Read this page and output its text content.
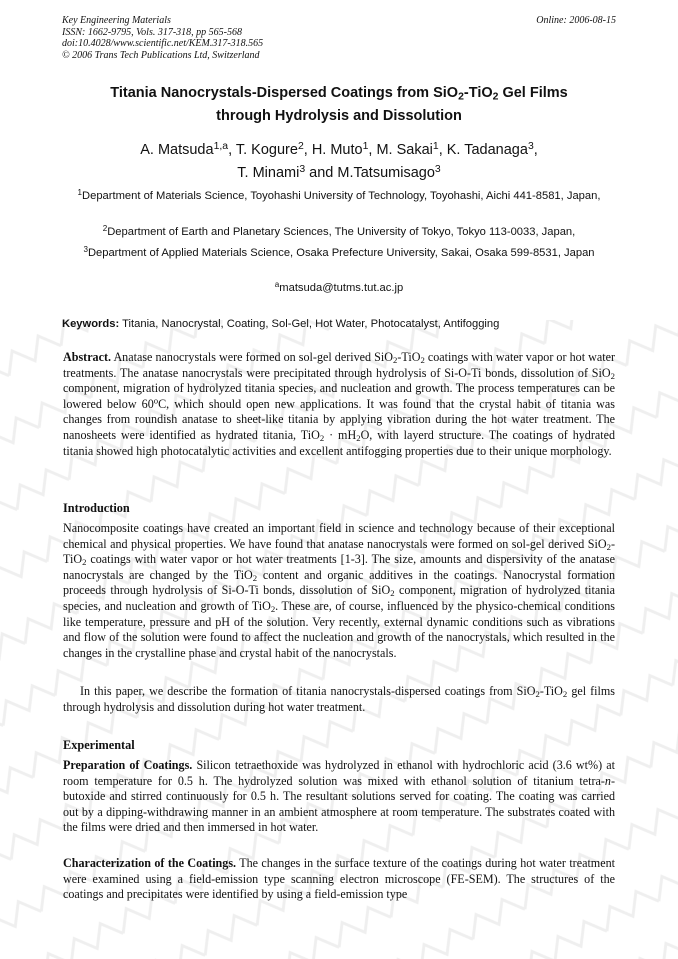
Key Engineering Materials
ISSN: 1662-9795, Vols. 317-318, pp 565-568
doi:10.4028/www.scientific.net/KEM.317-318.565
© 2006 Trans Tech Publications Ltd, Switzerland
Online: 2006-08-15
Titania Nanocrystals-Dispersed Coatings from SiO$_2$-TiO$_2$ Gel Films
through Hydrolysis and Dissolution
A. Matsuda$^{1,a}$, T. Kogure$^2$, H. Muto$^1$, M. Sakai$^1$, K. Tadanaga$^3$,
T. Minami$^3$ and M.Tatsumisago$^3$
$^1$Department of Materials Science, Toyohashi University of Technology, Toyohashi, Aichi 441-8581, Japan,
$^2$Department of Earth and Planetary Sciences, The University of Tokyo, Tokyo 113-0033, Japan,
$^3$Department of Applied Materials Science, Osaka Prefecture University, Sakai, Osaka 599-8531, Japan
$^a$matsuda@tutms.tut.ac.jp
Keywords: Titania, Nanocrystal, Coating, Sol-Gel, Hot Water, Photocatalyst, Antifogging
Abstract. Anatase nanocrystals were formed on sol-gel derived SiO$_2$-TiO$_2$ coatings with water vapor or hot water treatments. The anatase nanocrystals were precipitated through hydrolysis of Si-O-Ti bonds, dissolution of SiO$_2$ component, migration of hydrolyzed titania species, and nucleation and growth. The process temperatures can be lowered below 60$^o$C, which should open new applications. It was found that the crystal habit of titania was changes from roundish anatase to sheet-like titania by applying vibration during the hot water treatment. The nanosheets were identified as hydrated titania, $TiO_2 \cdot mH_2O$, with layerd structure. The coatings of hydrated titania showed high photocatalytic activities and excellent antifogging properties due to their unique morphology.
Introduction
Nanocomposite coatings have created an important field in science and technology because of their exceptional chemical and physical properties. We have found that anatase nanocrystals were formed on sol-gel derived SiO$_2$-TiO$_2$ coatings with water vapor or hot water treatments [1-3]. The size, amounts and dispersivity of the anatase nanocrystals are changed by the TiO$_2$ content and organic additives in the coatings. Nanocrystal formation proceeds through hydrolysis of Si-O-Ti bonds, dissolution of SiO$_2$ component, migration of hydrolyzed titania species, and nucleation and growth of TiO$_2$. These are, of course, influenced by the physico-chemical conditions like temperature, pressure and pH of the solution. Very recently, external dynamic conditions such as vibrations and flow of the solution were found to affect the nucleation and growth of the nanocrystals, which resulted in the changes in the crystalline phase and crystal habit of the nanocrystals.
In this paper, we describe the formation of titania nanocrystals-dispersed coatings from SiO$_2$-TiO$_2$ gel films through hydrolysis and dissolution during hot water treatment.
Experimental
Preparation of Coatings. Silicon tetraethoxide was hydrolyzed in ethanol with hydrochloric acid (3.6 wt%) at room temperature for 0.5 h. The hydrolyzed solution was mixed with ethanol solution of titanium tetra-n-butoxide and stirred continuously for 0.5 h. The resultant solutions served for coating. The coating was carried out by a dipping-withdrawing manner in an ambient atmosphere at room temperature. The substrates coated with the films were dried and then immersed in hot water.
Characterization of the Coatings. The changes in the surface texture of the coatings during hot water treatment were examined using a field-emission type scanning electron microscope (FE-SEM). The structures of the coatings and precipitates were identified by using a field-emission type
